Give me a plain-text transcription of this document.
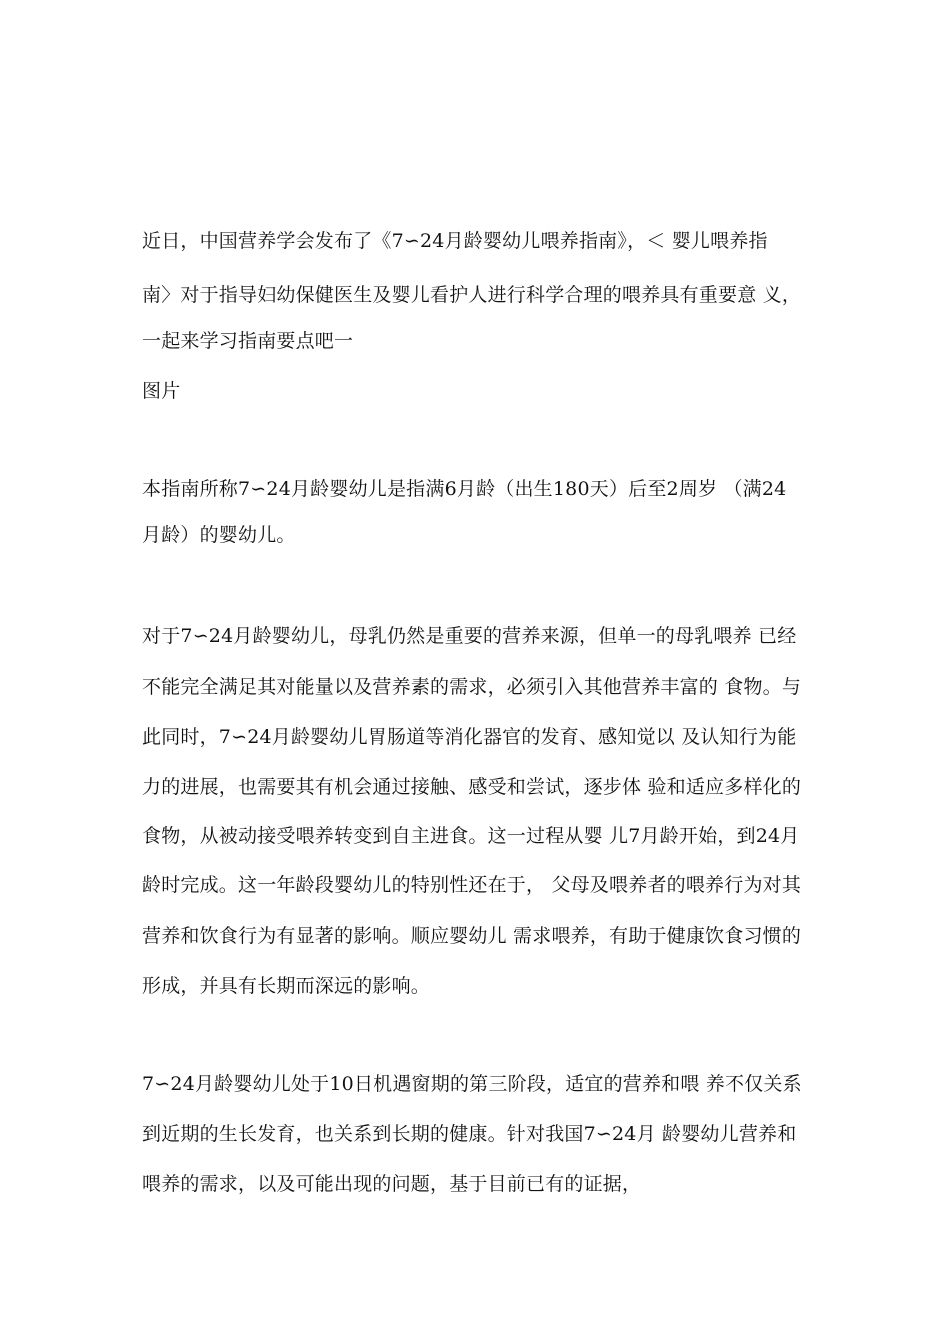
近日，中国营养学会发布了《7∽24月龄婴幼儿喂养指南》，＜ 婴儿喂养指

南〉对于指导妇幼保健医生及婴儿看护人进行科学合理的喂养具有重要意 义，

一起来学习指南要点吧一

图片

本指南所称7∽24月龄婴幼儿是指满6月龄（出生180天）后至2周岁 （满24

月龄）的婴幼儿。

对于7∽24月龄婴幼儿，母乳仍然是重要的营养来源，但单一的母乳喂养 已经

不能完全满足其对能量以及营养素的需求，必须引入其他营养丰富的 食物。与

此同时，7∽24月龄婴幼儿胃肠道等消化器官的发育、感知觉以 及认知行为能

力的进展，也需要其有机会通过接触、感受和尝试，逐步体 验和适应多样化的

食物，从被动接受喂养转变到自主进食。这一过程从婴 儿7月龄开始，到24月

龄时完成。这一年龄段婴幼儿的特别性还在于， 父母及喂养者的喂养行为对其

营养和饮食行为有显著的影响。顺应婴幼儿 需求喂养，有助于健康饮食习惯的

形成，并具有长期而深远的影响。

7∽24月龄婴幼儿处于10日机遇窗期的第三阶段，适宜的营养和喂 养不仅关系

到近期的生长发育，也关系到长期的健康。针对我国7∽24月 龄婴幼儿营养和

喂养的需求，以及可能出现的问题，基于目前已有的证据，
